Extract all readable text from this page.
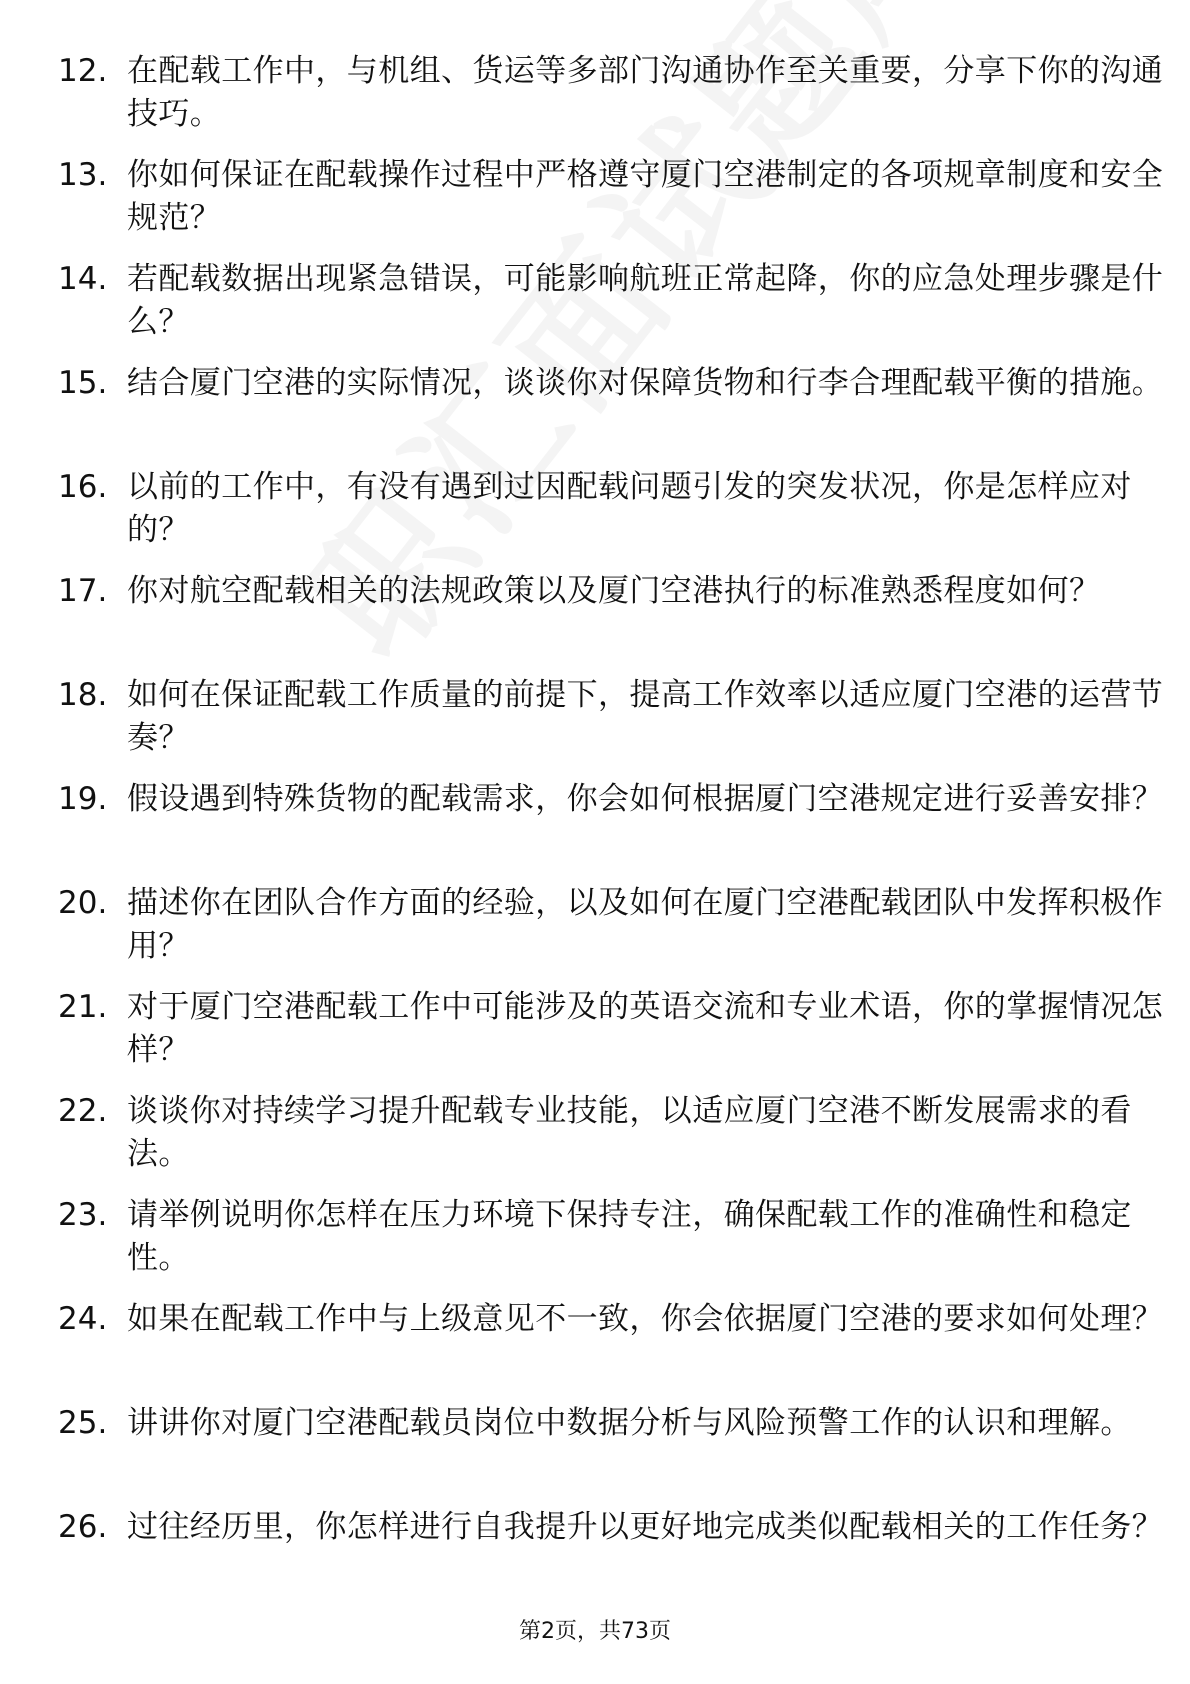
12. 在配载工作中，与机组、货运等多部门沟通协作至关重要，分享下你的沟通技巧。
13. 你如何保证在配载操作过程中严格遵守厦门空港制定的各项规章制度和安全规范？
14. 若配载数据出现紧急错误，可能影响航班正常起降，你的应急处理步骤是什么？
15. 结合厦门空港的实际情况，谈谈你对保障货物和行李合理配载平衡的措施。
16. 以前的工作中，有没有遇到过因配载问题引发的突发状况，你是怎样应对的？
17. 你对航空配载相关的法规政策以及厦门空港执行的标准熟悉程度如何？
18. 如何在保证配载工作质量的前提下，提高工作效率以适应厦门空港的运营节奏？
19. 假设遇到特殊货物的配载需求，你会如何根据厦门空港规定进行妥善安排？
20. 描述你在团队合作方面的经验，以及如何在厦门空港配载团队中发挥积极作用？
21. 对于厦门空港配载工作中可能涉及的英语交流和专业术语，你的掌握情况怎样？
22. 谈谈你对持续学习提升配载专业技能，以适应厦门空港不断发展需求的看法。
23. 请举例说明你怎样在压力环境下保持专注，确保配载工作的准确性和稳定性。
24. 如果在配载工作中与上级意见不一致，你会依据厦门空港的要求如何处理？
25. 讲讲你对厦门空港配载员岗位中数据分析与风险预警工作的认识和理解。
26. 过往经历里，你怎样进行自我提升以更好地完成类似配载相关的工作任务？
第2页，共73页
